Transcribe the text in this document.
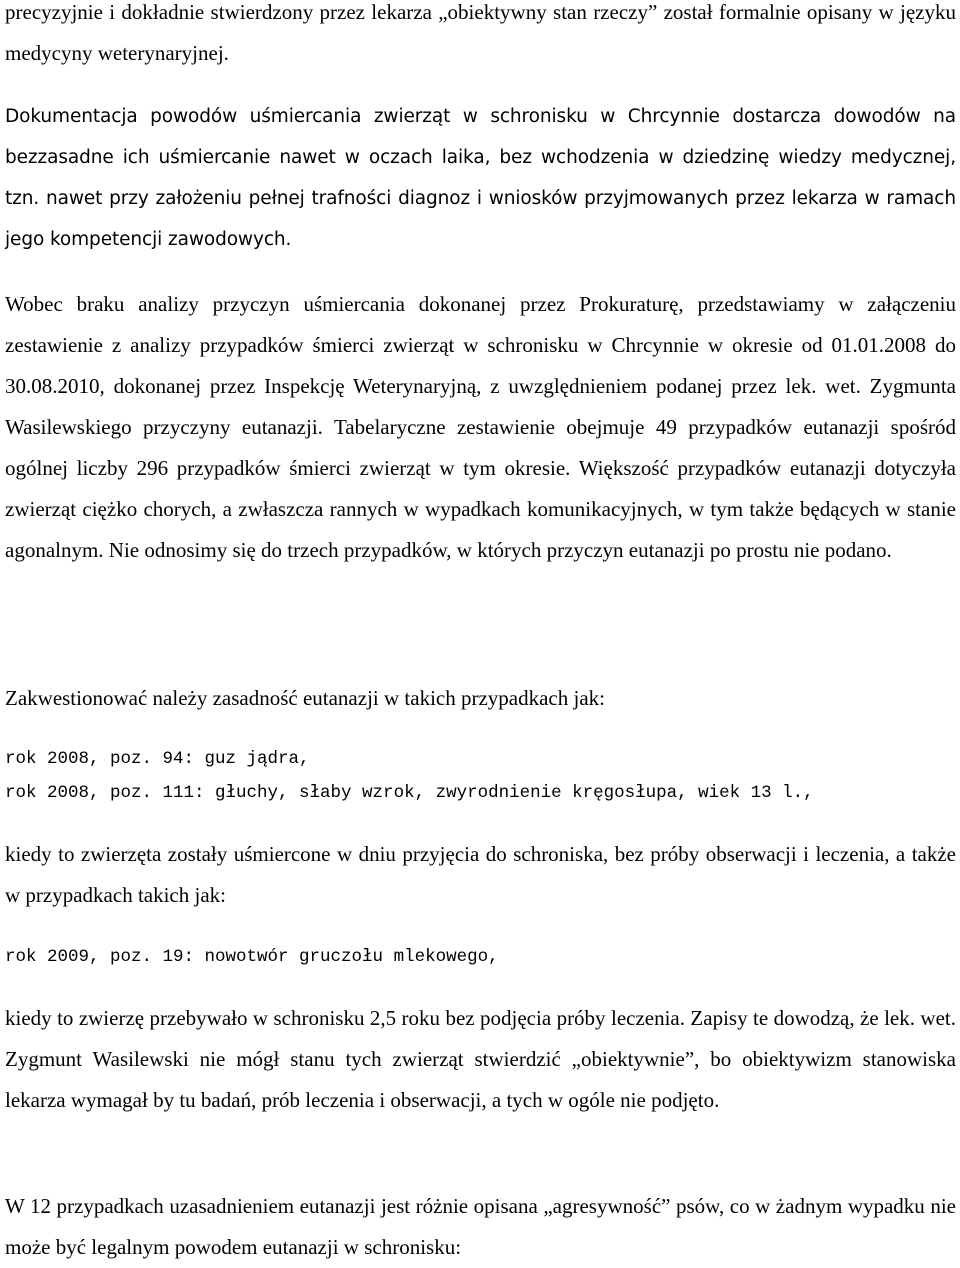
precyzyjnie i dokładnie stwierdzony przez lekarza „obiektywny stan rzeczy” został formalnie opisany w języku medycyny weterynaryjnej.

Dokumentacja powodów uśmiercania zwierząt w schronisku w Chrcynnie dostarcza dowodów na bezzasadne ich uśmiercanie nawet w oczach laika, bez wchodzenia w dziedzinę wiedzy medycznej, tzn. nawet przy założeniu pełnej trafności diagnoz i wniosków przyjmowanych przez lekarza w ramach jego kompetencji zawodowych.

Wobec braku analizy przyczyn uśmiercania dokonanej przez Prokuraturę, przedstawiamy w załączeniu zestawienie z analizy przypadków śmierci zwierząt w schronisku w Chrcynnie w okresie od 01.01.2008 do 30.08.2010, dokonanej przez Inspekcję Weterynaryjną, z uwzględnieniem podanej przez lek. wet. Zygmunta Wasilewskiego przyczyny eutanazji. Tabelaryczne zestawienie obejmuje 49 przypadków eutanazji spośród ogólnej liczby 296 przypadków śmierci zwierząt w tym okresie. Większość przypadków eutanazji dotyczyła zwierząt ciężko chorych, a zwłaszcza rannych w wypadkach komunikacyjnych, w tym także będących w stanie agonalnym. Nie odnosimy się do trzech przypadków, w których przyczyn eutanazji po prostu nie podano.

Zakwestionować należy zasadność eutanazji w takich przypadkach jak:

rok 2008, poz. 94: guz jądra,

rok 2008, poz. 111: głuchy, słaby wzrok, zwyrodnienie kręgosłupa, wiek 13 l.,

kiedy to zwierzęta zostały uśmiercone w dniu przyjęcia do schroniska, bez próby obserwacji i leczenia, a także w przypadkach takich jak:

rok 2009, poz. 19: nowotwór gruczołu mlekowego,

kiedy to zwierzę przebywało w schronisku 2,5 roku bez podjęcia próby leczenia. Zapisy te dowodzą, że lek. wet. Zygmunt Wasilewski nie mógł stanu tych zwierząt stwierdzić „obiektywnie”, bo obiektywizm stanowiska lekarza wymagał by tu badań, prób leczenia i obserwacji, a tych w ogóle nie podjęto.

W 12 przypadkach uzasadnieniem eutanazji jest różnie opisana „agresywność” psów, co w żadnym wypadku nie może być legalnym powodem eutanazji w schronisku:
